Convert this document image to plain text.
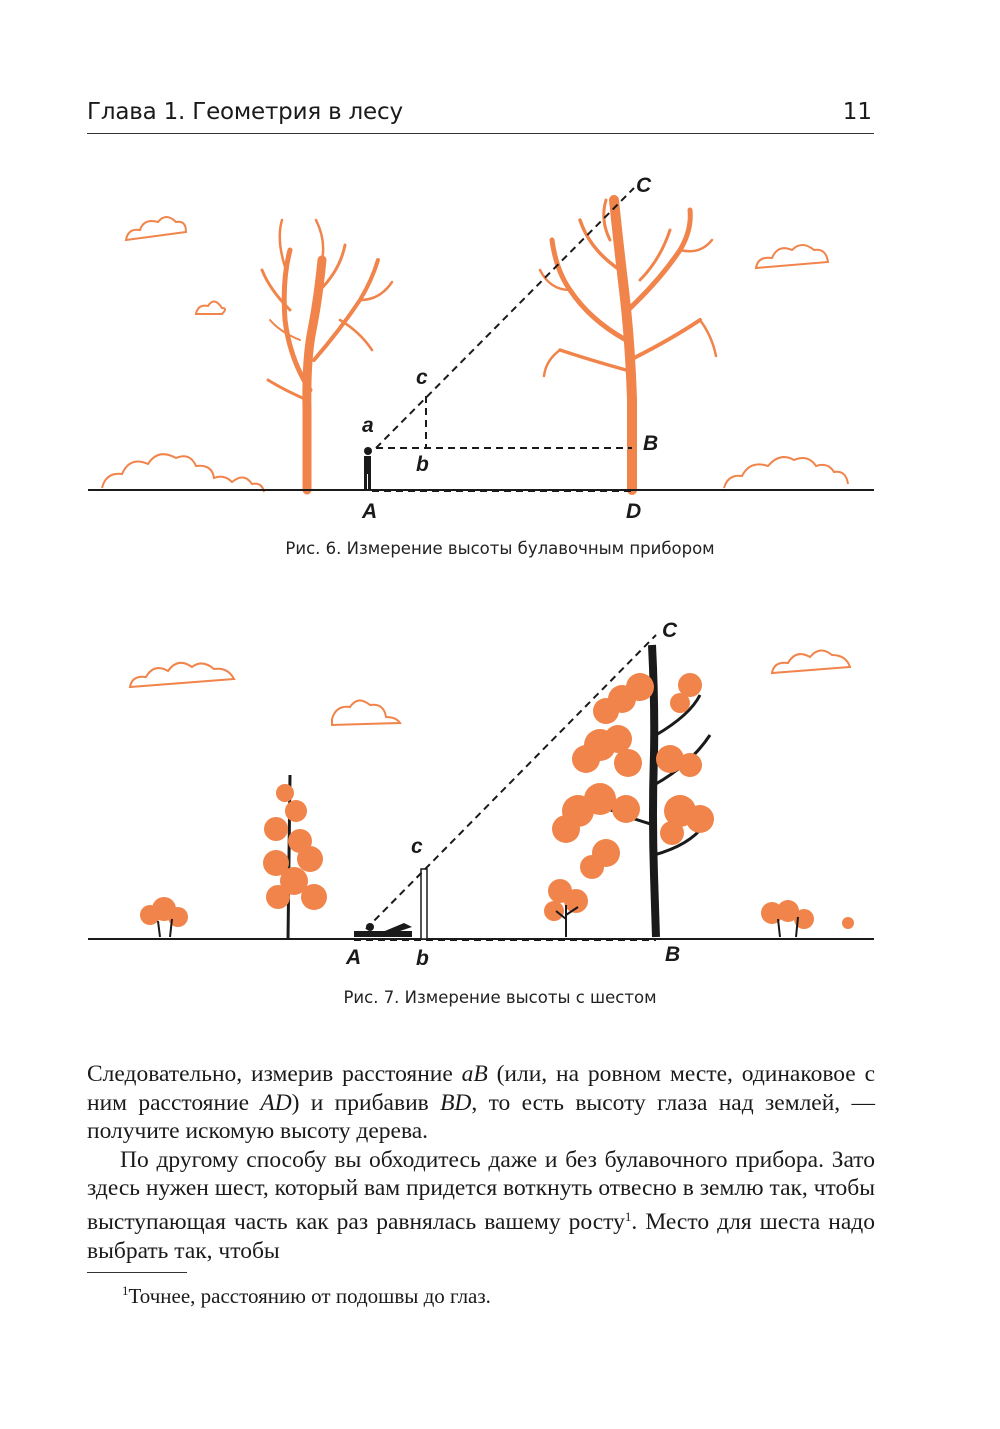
Глава 1. Геометрия в лесу	11
C
c
a
b
B
A	D
Рис. 6. Измерение высоты булавочным прибором
C
c
A	b	B
Рис. 7. Измерение высоты с шестом

Следовательно, измерив расстояние aB (или, на ровном месте, одинаковое с ним расстояние AD) и прибавив BD, то есть высоту глаза над землей, — получите искомую высоту дерева.

По другому способу вы обходитесь даже и без булавочного прибора. Зато здесь нужен шест, который вам придется воткнуть отвесно в землю так, чтобы выступающая часть как раз равнялась вашему росту$^1$. Место для шеста надо выбрать так, чтобы

$^1$Точнее, расстоянию от подошвы до глаз.
